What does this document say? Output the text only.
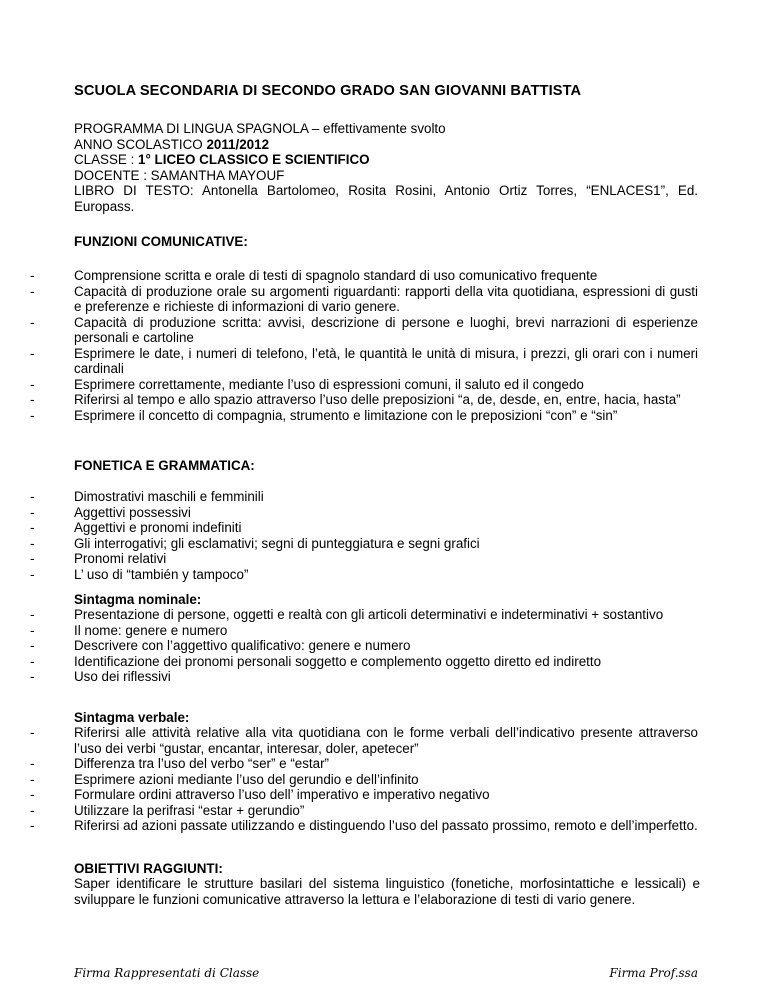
SCUOLA SECONDARIA DI SECONDO GRADO SAN GIOVANNI BATTISTA
PROGRAMMA DI LINGUA SPAGNOLA – effettivamente svolto
ANNO SCOLASTICO 2011/2012
CLASSE : 1° LICEO CLASSICO E SCIENTIFICO
DOCENTE : SAMANTHA MAYOUF
LIBRO DI TESTO: Antonella Bartolomeo, Rosita Rosini, Antonio Ortiz Torres, “ENLACES1”, Ed. Europass.
FUNZIONI COMUNICATIVE:
-	Comprensione scritta e orale di testi di spagnolo standard di uso comunicativo frequente
-	Capacità di produzione orale su argomenti riguardanti: rapporti della vita quotidiana, espressioni di gusti e preferenze e richieste di informazioni di vario genere.
-	Capacità di produzione scritta: avvisi, descrizione di persone e luoghi, brevi narrazioni di esperienze personali e cartoline
-	Esprimere le date, i numeri di telefono, l’età, le quantità le unità di misura, i prezzi, gli orari con i numeri cardinali
-	Esprimere correttamente, mediante l’uso di espressioni comuni, il saluto ed il congedo
-	Riferirsi al tempo e allo spazio attraverso l’uso delle preposizioni “a, de, desde, en, entre, hacia, hasta”
-	Esprimere il concetto di compagnia, strumento e limitazione con le preposizioni “con” e “sin”
FONETICA E GRAMMATICA:
-	Dimostrativi maschili e femminili
-	Aggettivi possessivi
-	Aggettivi e pronomi indefiniti
-	Gli interrogativi; gli esclamativi; segni di punteggiatura e segni grafici
-	Pronomi relativi
-	L’ uso di “también y tampoco”
Sintagma nominale:
-	Presentazione di persone, oggetti e realtà con gli articoli determinativi e indeterminativi + sostantivo
-	Il nome: genere e numero
-	Descrivere con l’aggettivo qualificativo: genere e numero
-	Identificazione dei pronomi personali soggetto e complemento oggetto diretto ed indiretto
-	Uso dei riflessivi
Sintagma verbale:
-	Riferirsi alle attività relative alla vita quotidiana con le forme verbali dell’indicativo presente attraverso l’uso dei verbi “gustar, encantar, interesar, doler, apetecer”
-	Differenza tra l’uso del verbo “ser” e “estar”
-	Esprimere azioni mediante l’uso del gerundio e dell’infinito
-	Formulare ordini attraverso l’uso dell’ imperativo e imperativo negativo
-	Utilizzare la perifrasi “estar + gerundio”
-	Riferirsi ad azioni passate utilizzando e distinguendo l’uso del passato prossimo, remoto e dell’imperfetto.
OBIETTIVI RAGGIUNTI:
Saper identificare le strutture basilari del sistema linguistico (fonetiche, morfosintattiche e lessicali) e sviluppare le funzioni comunicative attraverso la lettura e l’elaborazione di testi di vario genere.
Firma Rappresentati di Classe	Firma Prof.ssa
